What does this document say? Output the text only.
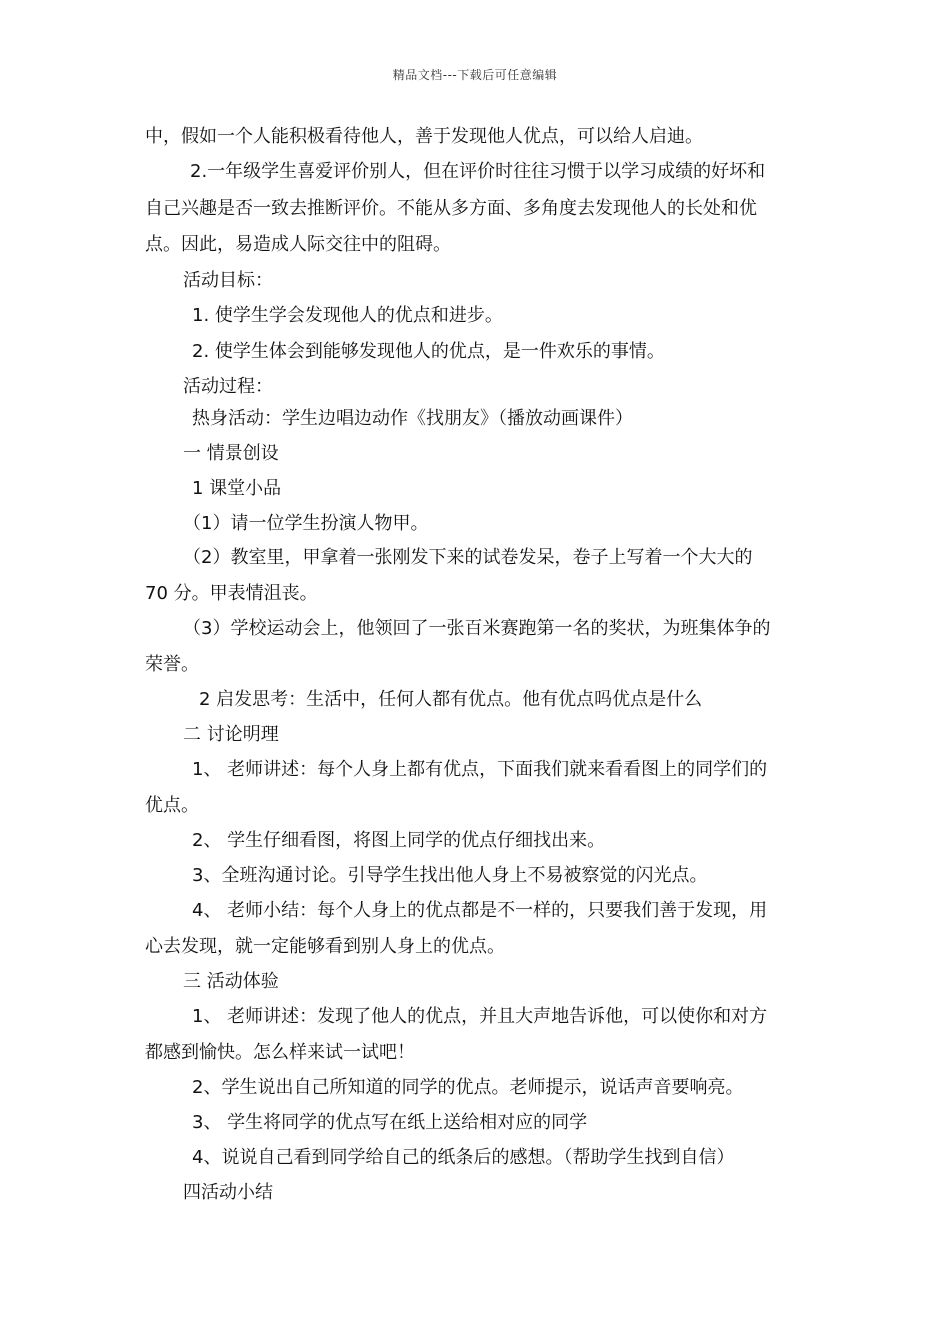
精品文档---下载后可任意编辑
中，假如一个人能积极看待他人，善于发现他人优点，可以给人启迪。
2.一年级学生喜爱评价别人，但在评价时往往习惯于以学习成绩的好坏和
自己兴趣是否一致去推断评价。不能从多方面、多角度去发现他人的长处和优
点。因此，易造成人际交往中的阻碍。
活动目标：
1. 使学生学会发现他人的优点和进步。
2. 使学生体会到能够发现他人的优点，是一件欢乐的事情。
活动过程：
热身活动：学生边唱边动作《找朋友》（播放动画课件）
一 情景创设
1 课堂小品
（1）请一位学生扮演人物甲。
（2）教室里，甲拿着一张刚发下来的试卷发呆，卷子上写着一个大大的
70 分。甲表情沮丧。
（3）学校运动会上，他领回了一张百米赛跑第一名的奖状，为班集体争的
荣誉。
2 启发思考：生活中，任何人都有优点。他有优点吗优点是什么
二 讨论明理
1、 老师讲述：每个人身上都有优点，下面我们就来看看图上的同学们的
优点。
2、 学生仔细看图，将图上同学的优点仔细找出来。
3、全班沟通讨论。引导学生找出他人身上不易被察觉的闪光点。
4、 老师小结：每个人身上的优点都是不一样的，只要我们善于发现，用
心去发现，就一定能够看到别人身上的优点。
三 活动体验
1、 老师讲述：发现了他人的优点，并且大声地告诉他，可以使你和对方
都感到愉快。怎么样来试一试吧！
2、学生说出自己所知道的同学的优点。老师提示，说话声音要响亮。
3、 学生将同学的优点写在纸上送给相对应的同学
4、说说自己看到同学给自己的纸条后的感想。（帮助学生找到自信）
四活动小结
